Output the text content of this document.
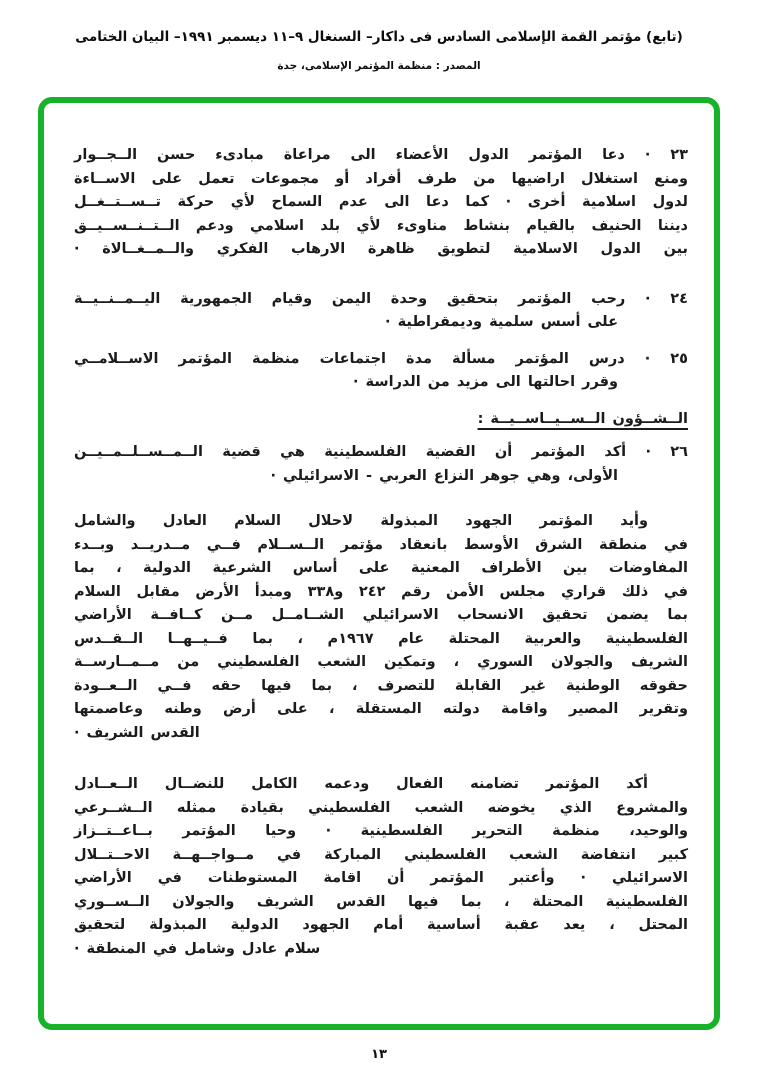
(تابع) مؤتمر القمة الإسلامى السادس فى داكار– السنغال ٩–١١ ديسمبر ١٩٩١– البيان الختامى
المصدر : منظمة المؤتمر الإسلامى، جدة
٢٣ · دعا المؤتمر الدول الأعضاء الى مراعاة مبادىء حسن الــجــوار
ومنع استغلال اراضيها من طرف أفراد أو مجموعات تعمل على الاســاءة
لدول اسلامية أخرى · كما دعا الى عدم السماح لأي حركة تــســتــغــل
ديننا الحنيف بالقيام بنشاط مناوىء لأي بلد اسلامي ودعم الــتــنــســيــق
بين الدول الاسلامية لتطويق ظاهرة الارهاب الفكري والــمــغــالاة ·
٢٤ · رحب المؤتمر بتحقيق وحدة اليمن وقيام الجمهورية اليــمــنــيــة
على أسس سلمية وديمقراطية ·
٢٥ · درس المؤتمر مسألة مدة اجتماعات منظمة المؤتمر الاســلامــي
وقرر احالتها الى مزيد من الدراسة ·
الــشــؤون الــســيــاســيــة :
٢٦ · أكد المؤتمر أن القضية الفلسطينية هي قضية الــمــســلــمــيــن
الأولى، وهي جوهر النزاع العربي - الاسرائيلي ·
وأيد المؤتمر الجهود المبذولة لاحلال السلام العادل والشامل
في منطقة الشرق الأوسط بانعقاد مؤتمر الــســلام فــي مــدريــد وبــدء
المفاوضات بين الأطراف المعنية على أساس الشرعية الدولية ، بما
في ذلك قراري مجلس الأمن رقم ٢٤٢ و٣٣٨ ومبدأ الأرض مقابل السلام
بما يضمن تحقيق الانسحاب الاسرائيلي الشــامــل مــن كــافــة الأراضي
الفلسطينية والعربية المحتلة عام ١٩٦٧م ، بما فــيــهــا الــقــدس
الشريف والجولان السوري ، وتمكين الشعب الفلسطيني من مــمــارســة
حقوقه الوطنية غير القابلة للتصرف ، بما فيها حقه فــي الــعــودة
وتقرير المصير واقامة دولته المستقلة ، على أرض وطنه وعاصمتها
القدس الشريف ·
أكد المؤتمر تضامنه الفعال ودعمه الكامل للنضــال الــعــادل
والمشروع الذي يخوضه الشعب الفلسطيني بقيادة ممثله الــشــرعي
والوحيد، منظمة التحرير الفلسطينية · وحيا المؤتمر بــاعــتــزاز
كبير انتفاضة الشعب الفلسطيني المباركة في مــواجــهــة الاحــتــلال
الاسرائيلي · وأعتبر المؤتمر أن اقامة المستوطنات في الأراضي
الفلسطينية المحتلة ، بما فيها القدس الشريف والجولان الــســوري
المحتل ، يعد عقبة أساسية أمام الجهود الدولية المبذولة لتحقيق
سلام عادل وشامل في المنطقة ·
١٣
